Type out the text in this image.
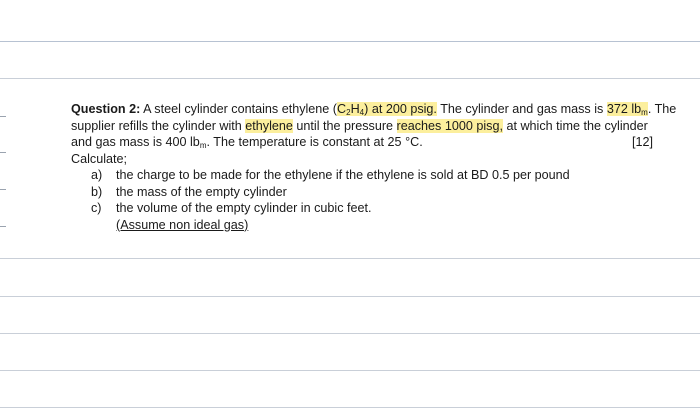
Question 2: A steel cylinder contains ethylene $(C_2H_4)$ at 200 psig. The cylinder and gas mass is 372 $lb_m$. The
supplier refills the cylinder with ethylene until the pressure reaches 1000 pisg, at which time the cylinder
and gas mass is 400 $lb_m$. The temperature is constant at 25 °C.	[12]
Calculate;
a)	the charge to be made for the ethylene if the ethylene is sold at BD 0.5 per pound
b)	the mass of the empty cylinder
c)	the volume of the empty cylinder in cubic feet.
(Assume non ideal gas)
